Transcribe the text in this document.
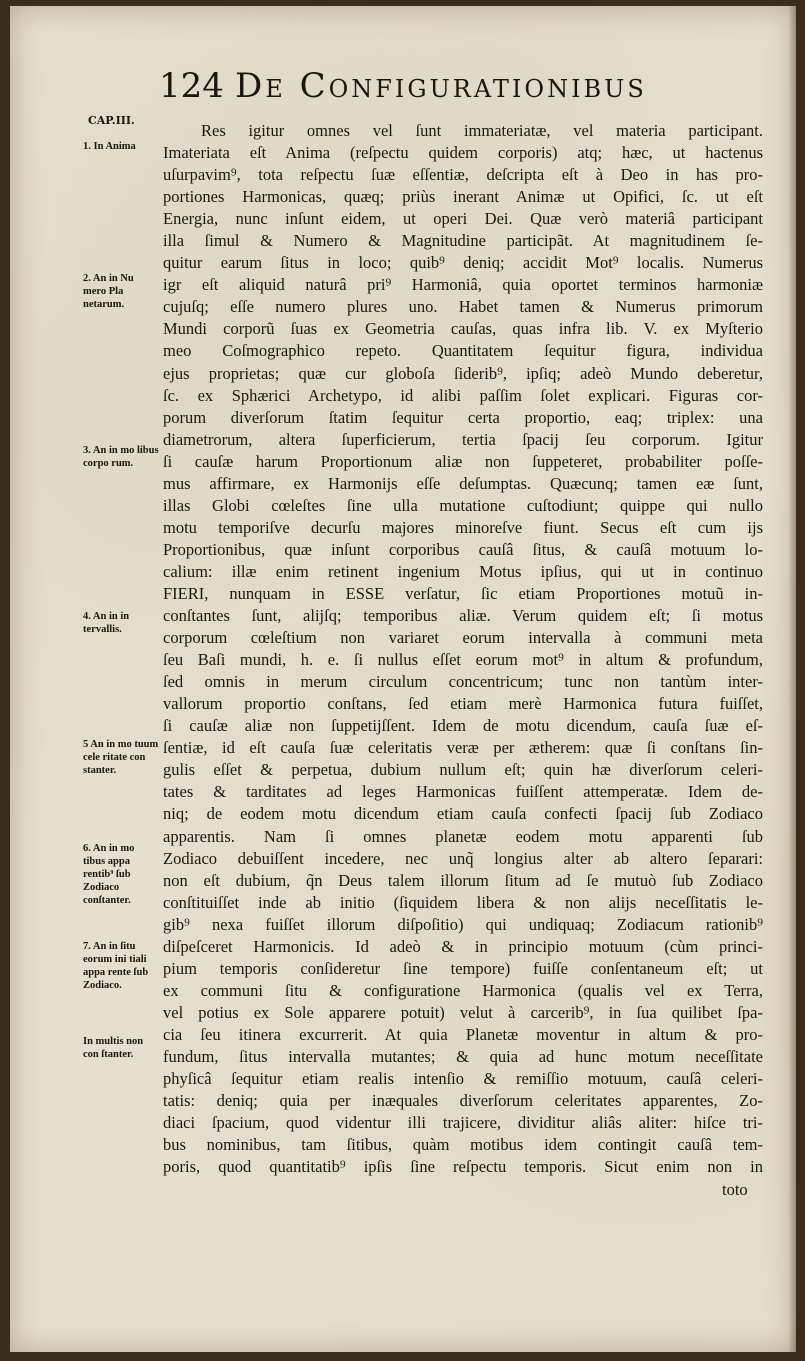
124 De Configurationibus
CAP.III.
1. In Anima
2. An in Nu mero Pla netarum.
3. An in mo libus corpo rum.
4. An in in tervallis.
5 An in mo tuum cele ritate con stanter.
6. An in mo tibus appa rentib⁹ ſub Zodiaco conſtanter.
7. An in ſitu eorum ini tiali appa rente ſub Zodiaco.
In multis non con ſtanter.
Res igitur omnes vel ſunt immateriatæ, vel materia participant.
Imateriata eſt Anima (reſpectu quidem corporis) atq; hæc, ut hactenus
uſurpavim⁹, tota reſpectu ſuæ eſſentiæ, deſcripta eſt à Deo in has pro-
portiones Harmonicas, quæq; priùs inerant Animæ ut Opifici, ſc. ut eſt
Energia, nunc inſunt eidem, ut operi Dei. Quæ verò materiâ participant
illa ſimul & Numero & Magnitudine participãt. At magnitudinem ſe-
quitur earum ſitus in loco; quib⁹ deniq; accidit Mot⁹ localis. Numerus
igr eſt aliquid naturâ pri⁹ Harmoniâ, quia oportet terminos harmoniæ
cujuſq; eſſe numero plures uno. Habet tamen & Numerus primorum
Mundi corporũ ſuas ex Geometria cauſas, quas infra lib. V. ex Myſterio
meo Coſmographico repeto. Quantitatem ſequitur figura, individua
ejus proprietas; quæ cur globoſa ſiderib⁹, ipſiq; adeò Mundo deberetur,
ſc. ex Sphærici Archetypo, id alibi paſſim ſolet explicari. Figuras cor-
porum diverſorum ſtatim ſequitur certa proportio, eaq; triplex: una
diametrorum, altera ſuperficierum, tertia ſpacij ſeu corporum. Igitur
ſi cauſæ harum Proportionum aliæ non ſuppeteret, probabiliter poſſe-
mus affirmare, ex Harmonijs eſſe deſumptas. Quæcunq; tamen eæ ſunt,
illas Globi cœleſtes ſine ulla mutatione cuſtodiunt; quippe qui nullo
motu temporiſve decurſu majores minoreſve fiunt. Secus eſt cum ijs
Proportionibus, quæ inſunt corporibus cauſâ ſitus, & cauſâ motuum lo-
calium: illæ enim retinent ingenium Motus ipſius, qui ut in continuo
FIERI, nunquam in ESSE verſatur, ſic etiam Proportiones motuũ in-
conſtantes ſunt, alijſq; temporibus aliæ. Verum quidem eſt; ſi motus
corporum cœleſtium non variaret eorum intervalla à communi meta
ſeu Baſi mundi, h. e. ſi nullus eſſet eorum mot⁹ in altum & profundum,
ſed omnis in merum circulum concentricum; tunc non tantùm inter-
vallorum proportio conſtans, ſed etiam merè Harmonica futura fuiſſet,
ſi cauſæ aliæ non ſuppetijſſent. Idem de motu dicendum, cauſa ſuæ eſ-
ſentiæ, id eſt cauſa ſuæ celeritatis veræ per ætherem: quæ ſi conſtans ſin-
gulis eſſet & perpetua, dubium nullum eſt; quin hæ diverſorum celeri-
tates & tarditates ad leges Harmonicas fuiſſent attemperatæ. Idem de-
niq; de eodem motu dicendum etiam cauſa confecti ſpacij ſub Zodiaco
apparentis. Nam ſi omnes planetæ eodem motu apparenti ſub
Zodiaco debuiſſent incedere, nec unq̃ longius alter ab altero ſeparari:
non eſt dubium, q̃n Deus talem illorum ſitum ad ſe mutuò ſub Zodiaco
conſtituiſſet inde ab initio (ſiquidem libera & non alijs neceſſitatis le-
gib⁹ nexa fuiſſet illorum diſpoſitio) qui undiquaq; Zodiacum rationib⁹
diſpeſceret Harmonicis. Id adeò & in principio motuum (cùm princi-
pium temporis conſideretur ſine tempore) fuiſſe conſentaneum eſt; ut
ex communi ſitu & configuratione Harmonica (qualis vel ex Terra,
vel potius ex Sole apparere potuit) velut à carcerib⁹, in ſua quilibet ſpa-
cia ſeu itinera excurrerit. At quia Planetæ moventur in altum & pro-
fundum, ſitus intervalla mutantes; & quia ad hunc motum neceſſitate
phyſicâ ſequitur etiam realis intenſio & remiſſio motuum, cauſâ celeri-
tatis: deniq; quia per inæquales diverſorum celeritates apparentes, Zo-
diaci ſpacium, quod videntur illi trajicere, dividitur aliâs aliter: hiſce tri-
bus nominibus, tam ſitibus, quàm motibus idem contingit cauſâ tem-
poris, quod quantitatib⁹ ipſis ſine reſpectu temporis. Sicut enim non in
toto
